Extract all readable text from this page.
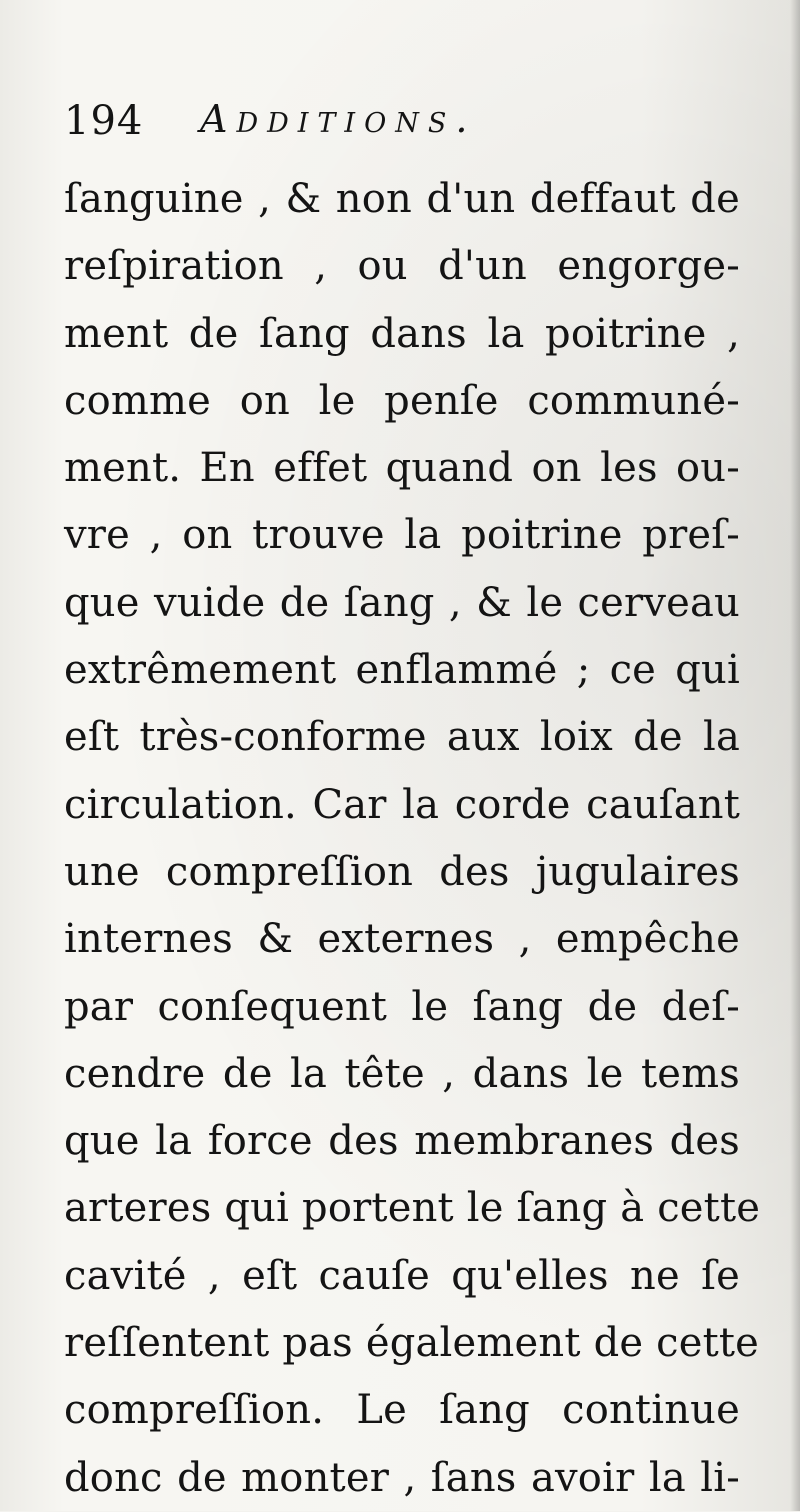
194 Additions.
ſanguine , & non d'un deffaut de
reſpiration , ou d'un engorge-
ment de ſang dans la poitrine ,
comme on le penſe communé-
ment. En effet quand on les ou-
vre , on trouve la poitrine preſ-
que vuide de ſang , & le cerveau
extrêmement enflammé ; ce qui
eſt très-conforme aux loix de la
circulation. Car la corde cauſant
une compreſſion des jugulaires
internes & externes , empêche
par conſequent le ſang de deſ-
cendre de la tête , dans le tems
que la force des membranes des
arteres qui portent le ſang à cette
cavité , eſt cauſe qu'elles ne ſe
reſſentent pas également de cette
compreſſion. Le ſang continue
donc de monter , ſans avoir la li-
